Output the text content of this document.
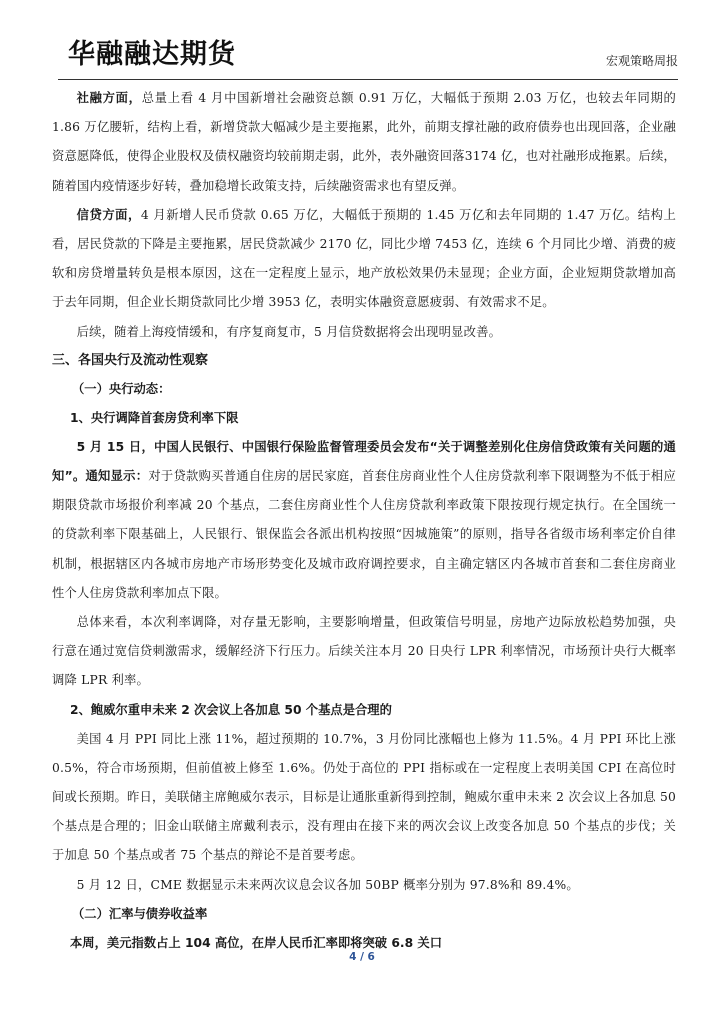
华融融达期货	宏观策略周报

社融方面，总量上看 4 月中国新增社会融资总额 0.91 万亿，大幅低于预期 2.03 万亿，也较去年同期的 1.86 万亿腰斩，结构上看，新增贷款大幅减少是主要拖累，此外，前期支撑社融的政府债券也出现回落，企业融资意愿降低，使得企业股权及债权融资均较前期走弱，此外，表外融资回落3174 亿，也对社融形成拖累。后续，随着国内疫情逐步好转，叠加稳增长政策支持，后续融资需求也有望反弹。

信贷方面，4 月新增人民币贷款 0.65 万亿，大幅低于预期的 1.45 万亿和去年同期的 1.47 万亿。结构上看，居民贷款的下降是主要拖累，居民贷款减少 2170 亿，同比少增 7453 亿，连续 6 个月同比少增、消费的疲软和房贷增量转负是根本原因，这在一定程度上显示，地产放松效果仍未显现；企业方面，企业短期贷款增加高于去年同期，但企业长期贷款同比少增 3953 亿，表明实体融资意愿疲弱、有效需求不足。

后续，随着上海疫情缓和，有序复商复市，5 月信贷数据将会出现明显改善。

三、各国央行及流动性观察
（一）央行动态：
1、央行调降首套房贷利率下限

5 月 15 日，中国人民银行、中国银行保险监督管理委员会发布“关于调整差别化住房信贷政策有关问题的通知”。通知显示：对于贷款购买普通自住房的居民家庭，首套住房商业性个人住房贷款利率下限调整为不低于相应期限贷款市场报价利率减 20 个基点，二套住房商业性个人住房贷款利率政策下限按现行规定执行。在全国统一的贷款利率下限基础上，人民银行、银保监会各派出机构按照“因城施策”的原则，指导各省级市场利率定价自律机制，根据辖区内各城市房地产市场形势变化及城市政府调控要求，自主确定辖区内各城市首套和二套住房商业性个人住房贷款利率加点下限。

总体来看，本次利率调降，对存量无影响，主要影响增量，但政策信号明显，房地产边际放松趋势加强，央行意在通过宽信贷刺激需求，缓解经济下行压力。后续关注本月 20 日央行 LPR 利率情况，市场预计央行大概率调降 LPR 利率。

2、鲍威尔重申未来 2 次会议上各加息 50 个基点是合理的

美国 4 月 PPI 同比上涨 11%，超过预期的 10.7%，3 月份同比涨幅也上修为 11.5%。4 月 PPI 环比上涨 0.5%，符合市场预期，但前值被上修至 1.6%。仍处于高位的 PPI 指标或在一定程度上表明美国 CPI 在高位时间或长预期。昨日，美联储主席鲍威尔表示，目标是让通胀重新得到控制，鲍威尔重申未来 2 次会议上各加息 50 个基点是合理的；旧金山联储主席戴利表示，没有理由在接下来的两次会议上改变各加息 50 个基点的步伐；关于加息 50 个基点或者 75 个基点的辩论不是首要考虑。

5 月 12 日，CME 数据显示未来两次议息会议各加 50BP 概率分别为 97.8%和 89.4%。

（二）汇率与债券收益率
本周，美元指数占上 104 高位，在岸人民币汇率即将突破 6.8 关口
4 / 6
